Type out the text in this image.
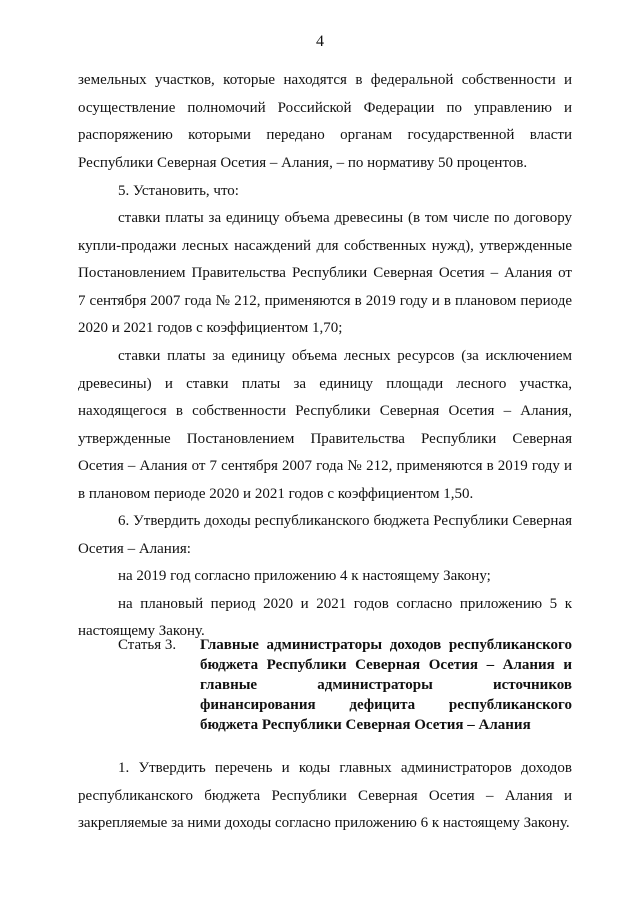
4
земельных участков, которые находятся в федеральной собственности и
осуществление полномочий Российской Федерации по управлению и
распоряжению которыми передано органам государственной власти
Республики Северная Осетия – Алания, – по нормативу 50 процентов.
5. Установить, что:
ставки платы за единицу объема древесины (в том числе по договору
купли-продажи лесных насаждений для собственных нужд), утвержденные
Постановлением Правительства Республики Северная Осетия – Алания от
7 сентября 2007 года № 212, применяются в 2019 году и в плановом периоде
2020 и 2021 годов с коэффициентом 1,70;
ставки платы за единицу объема лесных ресурсов (за исключением
древесины) и ставки платы за единицу площади лесного участка,
находящегося в собственности Республики Северная Осетия – Алания,
утвержденные Постановлением Правительства Республики Северная
Осетия – Алания от 7 сентября 2007 года № 212, применяются в 2019 году и
в плановом периоде 2020 и 2021 годов с коэффициентом 1,50.
6. Утвердить доходы республиканского бюджета Республики Северная
Осетия – Алания:
на 2019 год согласно приложению 4 к настоящему Закону;
на плановый период 2020 и 2021 годов согласно приложению 5 к
настоящему Закону.
Статья 3. Главные администраторы доходов республиканского
бюджета Республики Северная Осетия – Алания и
главные администраторы источников
финансирования дефицита республиканского
бюджета Республики Северная Осетия – Алания
1. Утвердить перечень и коды главных администраторов доходов
республиканского бюджета Республики Северная Осетия – Алания и
закрепляемые за ними доходы согласно приложению 6 к настоящему Закону.
